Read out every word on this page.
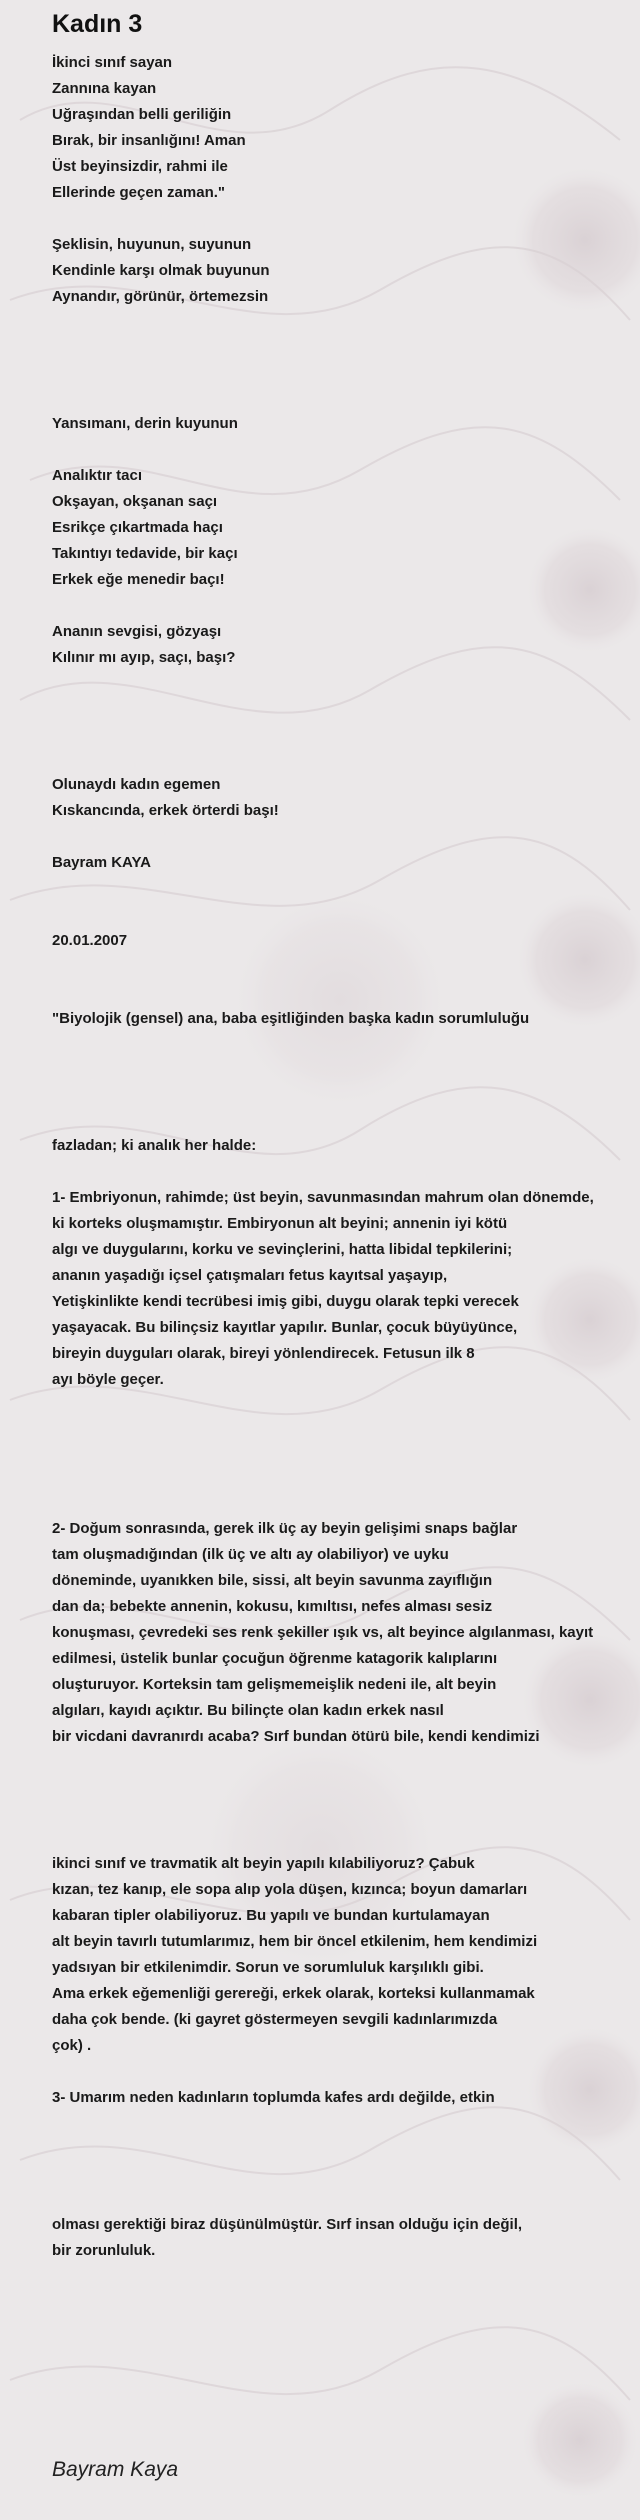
Kadın 3
İkinci sınıf sayan
Zannına kayan
Uğraşından belli geriliğin
Bırak, bir insanlığını! Aman
Üst beyinsizdir, rahmi ile
Ellerinde geçen zaman."
Şeklisin, huyunun, suyunun
Kendinle karşı olmak buyunun
Aynandır, görünür, örtemezsin
Yansımanı, derin kuyunun
Analıktır tacı
Okşayan, okşanan saçı
Esrikçe çıkartmada haçı
Takıntıyı tedavide, bir kaçı
Erkek eğe menedir baçı!
Ananın sevgisi, gözyaşı
Kılınır mı ayıp, saçı, başı?
Olunaydı kadın egemen
Kıskancında, erkek örterdi başı!
Bayram KAYA
20.01.2007
"Biyolojik (gensel) ana, baba eşitliğinden başka kadın sorumluluğu
fazladan; ki analık her halde:
1- Embriyonun, rahimde; üst beyin, savunmasından mahrum olan dönemde,
ki korteks oluşmamıştır. Embiryonun alt beyini; annenin iyi kötü
algı ve duygularını, korku ve sevinçlerini, hatta libidal tepkilerini;
ananın yaşadığı içsel çatışmaları fetus kayıtsal yaşayıp,
Yetişkinlikte kendi tecrübesi imiş gibi, duygu olarak tepki verecek
yaşayacak. Bu bilinçsiz kayıtlar yapılır. Bunlar, çocuk büyüyünce,
bireyin duyguları olarak, bireyi yönlendirecek. Fetusun ilk 8
ayı böyle geçer.
2- Doğum sonrasında, gerek ilk üç ay beyin gelişimi snaps bağlar
tam oluşmadığından (ilk üç ve altı ay olabiliyor) ve uyku
döneminde, uyanıkken bile, sissi, alt beyin savunma zayıflığın
dan da; bebekte annenin, kokusu, kımıltısı, nefes alması sesiz
konuşması, çevredeki ses renk şekiller ışık vs, alt beyince algılanması, kayıt
edilmesi, üstelik bunlar çocuğun öğrenme katagorik kalıplarını
oluşturuyor. Korteksin tam gelişmemeişlik nedeni ile, alt beyin
algıları, kayıdı açıktır. Bu bilinçte olan kadın erkek nasıl
bir vicdani davranırdı acaba? Sırf bundan ötürü bile, kendi kendimizi
ikinci sınıf ve travmatik alt beyin yapılı kılabiliyoruz? Çabuk
kızan, tez kanıp, ele sopa alıp yola düşen, kızınca; boyun damarları
kabaran tipler olabiliyoruz. Bu yapılı ve bundan kurtulamayan
alt beyin tavırlı tutumlarımız, hem bir öncel etkilenim, hem kendimizi
yadsıyan bir etkilenimdir. Sorun ve sorumluluk karşılıklı gibi.
Ama erkek eğemenliği gerereği, erkek olarak, korteksi kullanmamak
daha çok bende. (ki gayret göstermeyen sevgili kadınlarımızda
çok) .
3- Umarım neden kadınların toplumda kafes ardı değilde, etkin
olması gerektiği biraz düşünülmüştür. Sırf insan olduğu için değil,
bir zorunluluk.
Bayram Kaya
